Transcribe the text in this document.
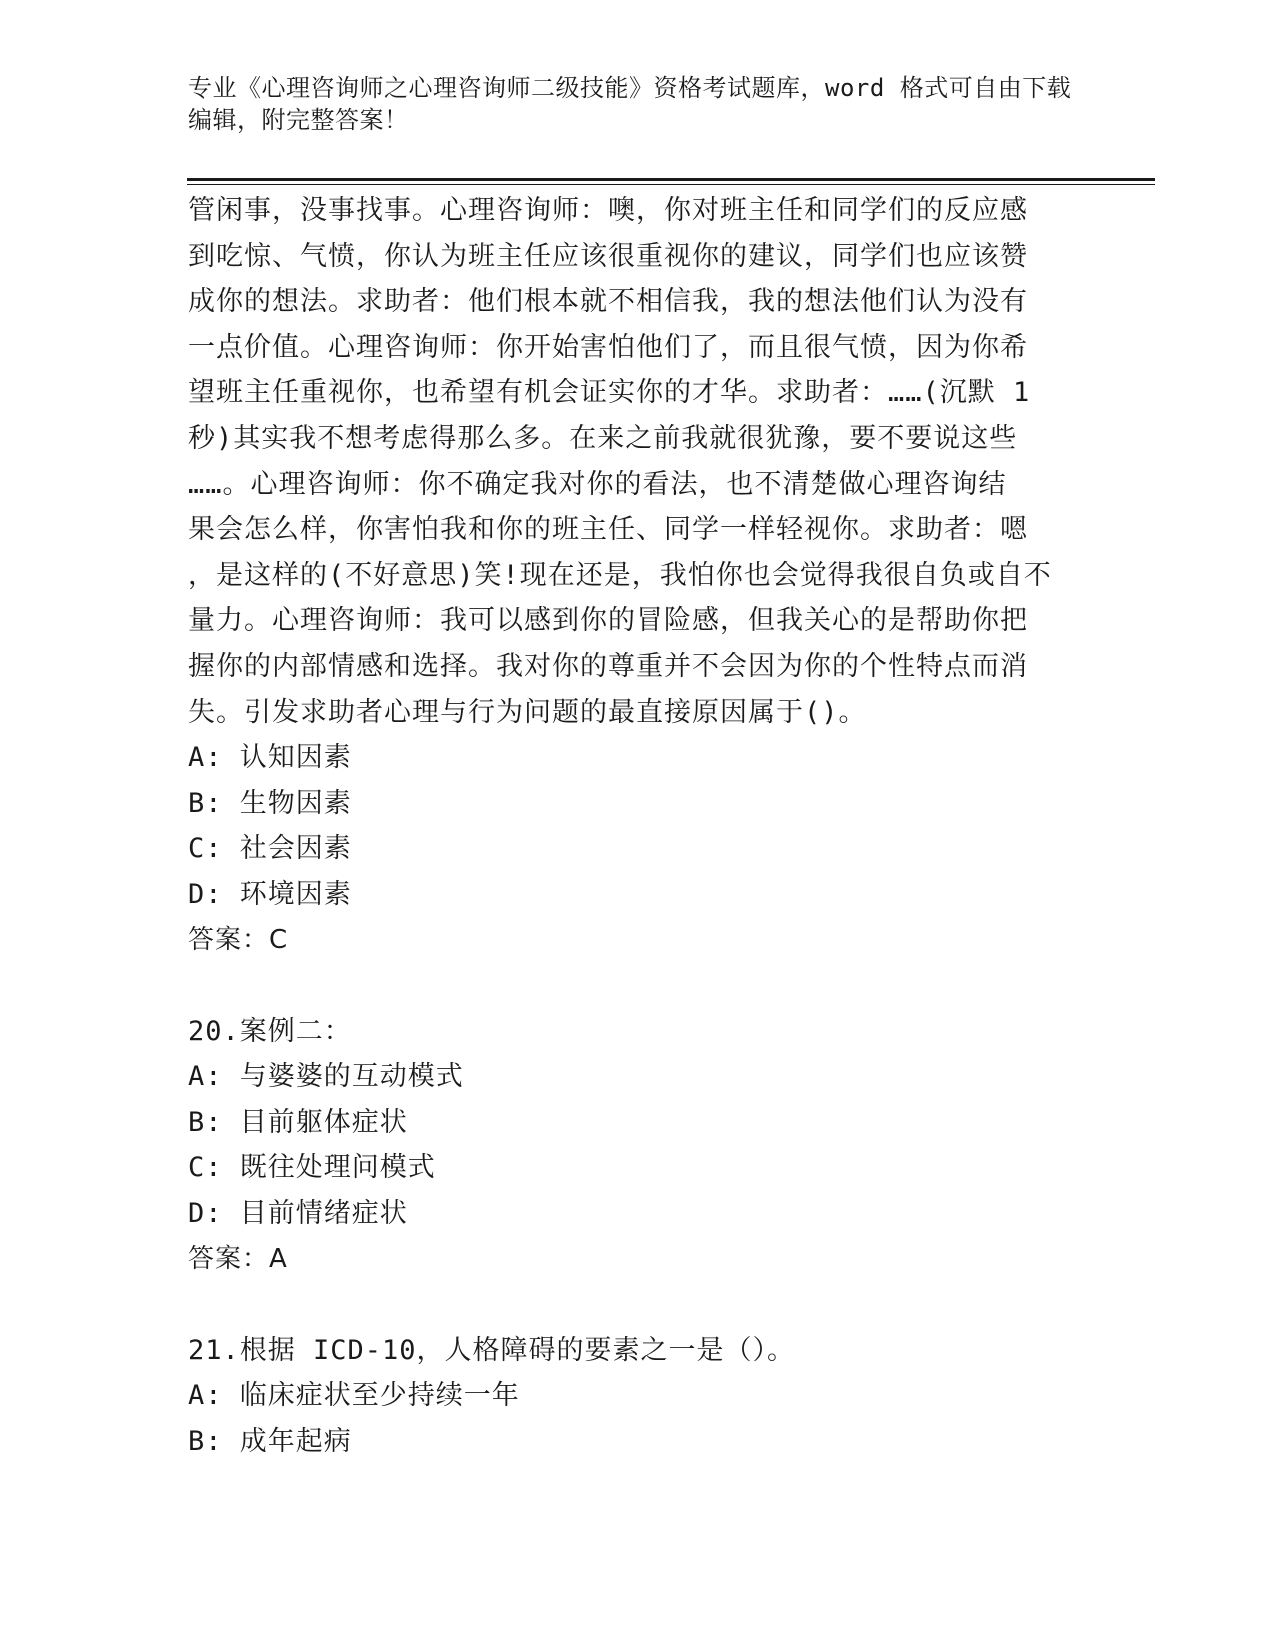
专业《心理咨询师之心理咨询师二级技能》资格考试题库，word 格式可自由下载
编辑，附完整答案！
管闲事，没事找事。心理咨询师：噢，你对班主任和同学们的反应感
到吃惊、气愤，你认为班主任应该很重视你的建议，同学们也应该赞
成你的想法。求助者：他们根本就不相信我，我的想法他们认为没有
一点价值。心理咨询师：你开始害怕他们了，而且很气愤，因为你希
望班主任重视你，也希望有机会证实你的才华。求助者：……(沉默 1
秒)其实我不想考虑得那么多。在来之前我就很犹豫，要不要说这些
……。心理咨询师：你不确定我对你的看法，也不清楚做心理咨询结
果会怎么样，你害怕我和你的班主任、同学一样轻视你。求助者：嗯
，是这样的(不好意思)笑!现在还是，我怕你也会觉得我很自负或自不
量力。心理咨询师：我可以感到你的冒险感，但我关心的是帮助你把
握你的内部情感和选择。我对你的尊重并不会因为你的个性特点而消
失。引发求助者心理与行为问题的最直接原因属于()。
A: 认知因素
B: 生物因素
C: 社会因素
D: 环境因素
答案：C
20.案例二：
A: 与婆婆的互动模式
B: 目前躯体症状
C: 既往处理问模式
D: 目前情绪症状
答案：A
21.根据 ICD-10，人格障碍的要素之一是（）。
A: 临床症状至少持续一年
B: 成年起病
